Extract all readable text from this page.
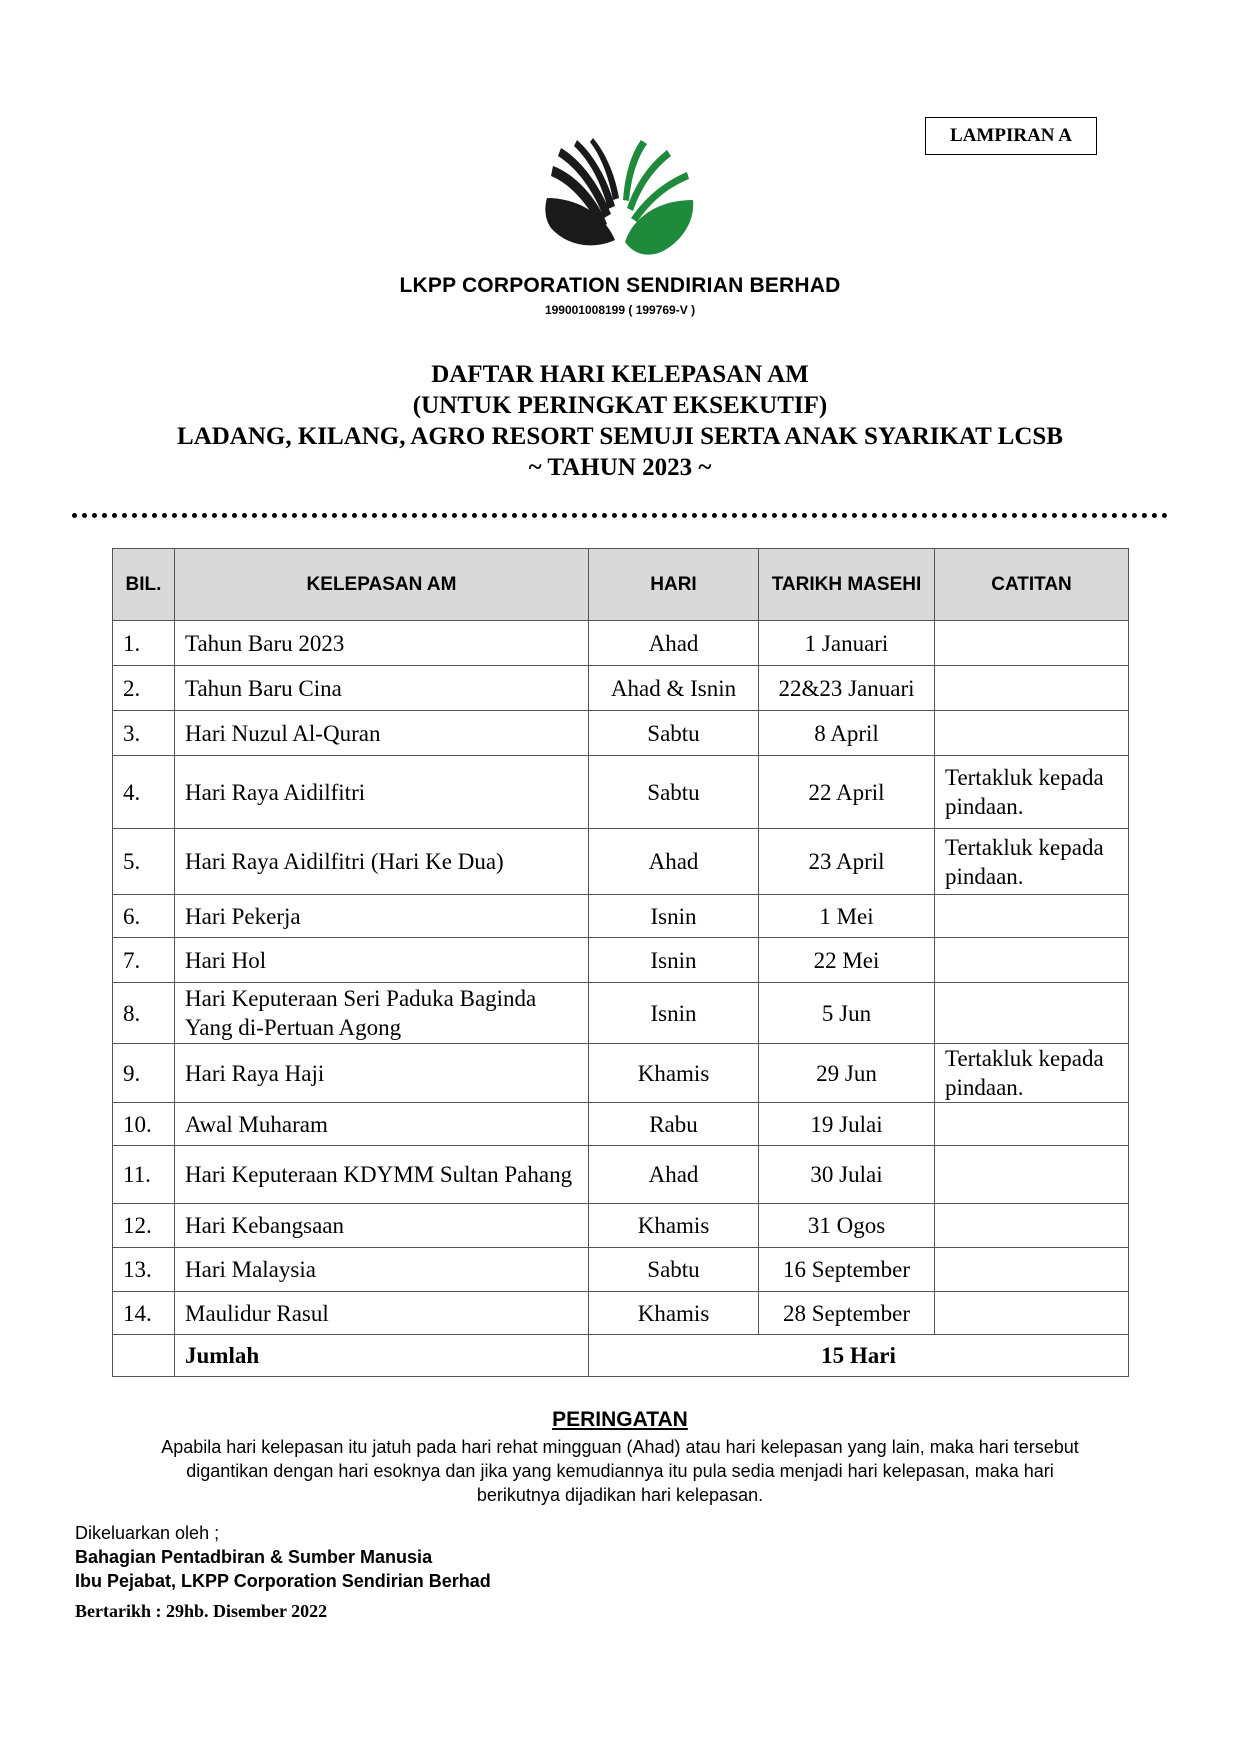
LAMPIRAN A
LKPP CORPORATION SENDIRIAN BERHAD
199001008199 ( 199769-V )
DAFTAR HARI KELEPASAN AM
(UNTUK PERINGKAT EKSEKUTIF)
LADANG, KILANG, AGRO RESORT SEMUJI SERTA ANAK SYARIKAT LCSB
~ TAHUN 2023 ~
BIL.	KELEPASAN AM	HARI	TARIKH MASEHI	CATITAN
1.	Tahun Baru 2023	Ahad	1 Januari	
2.	Tahun Baru Cina	Ahad & Isnin	22&23 Januari	
3.	Hari Nuzul Al-Quran	Sabtu	8 April	
4.	Hari Raya Aidilfitri	Sabtu	22 April	Tertakluk kepada pindaan.
5.	Hari Raya Aidilfitri (Hari Ke Dua)	Ahad	23 April	Tertakluk kepada pindaan.
6.	Hari Pekerja	Isnin	1 Mei	
7.	Hari Hol	Isnin	22 Mei	
8.	Hari Keputeraan Seri Paduka Baginda Yang di-Pertuan Agong	Isnin	5 Jun	
9.	Hari Raya Haji	Khamis	29 Jun	Tertakluk kepada pindaan.
10.	Awal Muharam	Rabu	19 Julai	
11.	Hari Keputeraan KDYMM Sultan Pahang	Ahad	30 Julai	
12.	Hari Kebangsaan	Khamis	31 Ogos	
13.	Hari Malaysia	Sabtu	16 September	
14.	Maulidur Rasul	Khamis	28 September	
	Jumlah	15 Hari		
PERINGATAN
Apabila hari kelepasan itu jatuh pada hari rehat mingguan (Ahad) atau hari kelepasan yang lain, maka hari tersebut
digantikan dengan hari esoknya dan jika yang kemudiannya itu pula sedia menjadi hari kelepasan, maka hari
berikutnya dijadikan hari kelepasan.
Dikeluarkan oleh ;
Bahagian Pentadbiran & Sumber Manusia
Ibu Pejabat, LKPP Corporation Sendirian Berhad
Bertarikh : 29hb. Disember 2022
